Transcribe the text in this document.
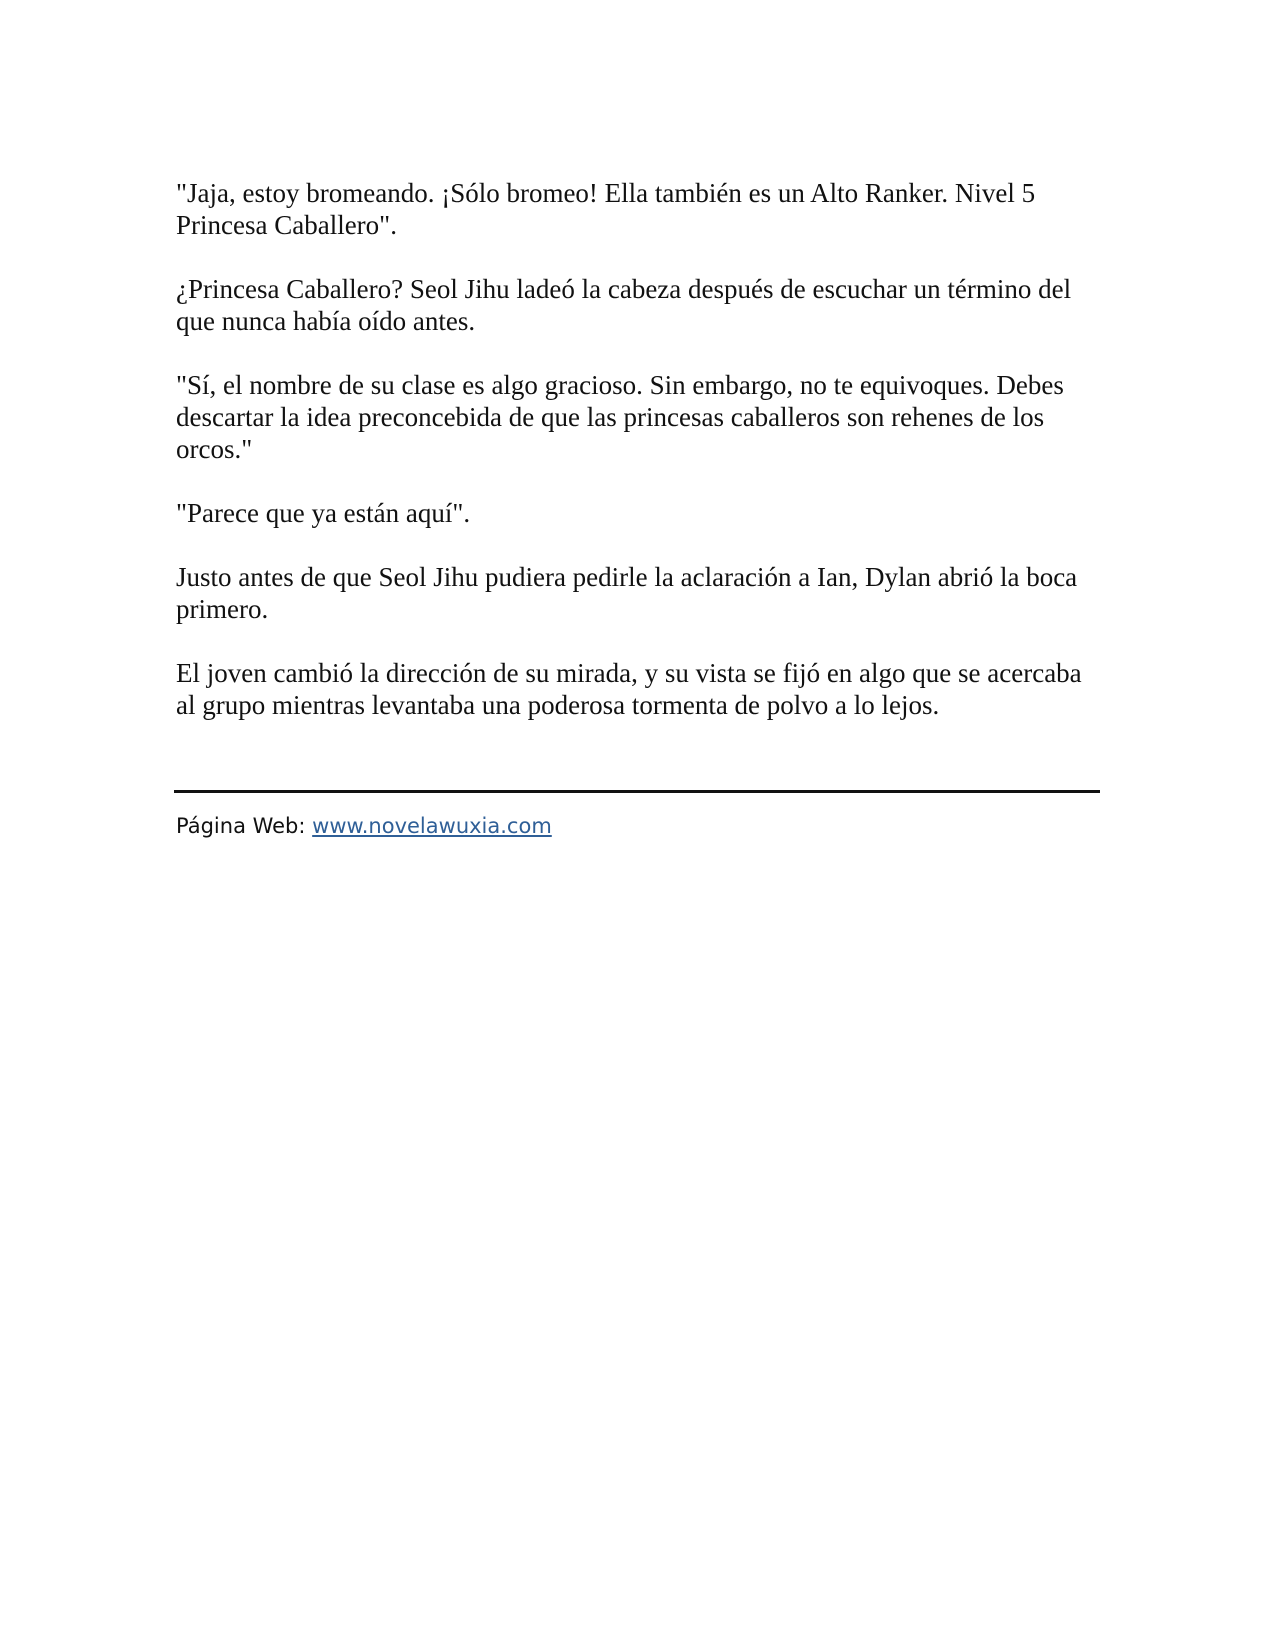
"Jaja, estoy bromeando. ¡Sólo bromeo! Ella también es un Alto Ranker. Nivel 5 Princesa Caballero".

¿Princesa Caballero? Seol Jihu ladeó la cabeza después de escuchar un término del que nunca había oído antes.

"Sí, el nombre de su clase es algo gracioso. Sin embargo, no te equivoques. Debes descartar la idea preconcebida de que las princesas caballeros son rehenes de los orcos."

"Parece que ya están aquí".

Justo antes de que Seol Jihu pudiera pedirle la aclaración a Ian, Dylan abrió la boca primero.

El joven cambió la dirección de su mirada, y su vista se fijó en algo que se acercaba al grupo mientras levantaba una poderosa tormenta de polvo a lo lejos.

Página Web: www.novelawuxia.com
